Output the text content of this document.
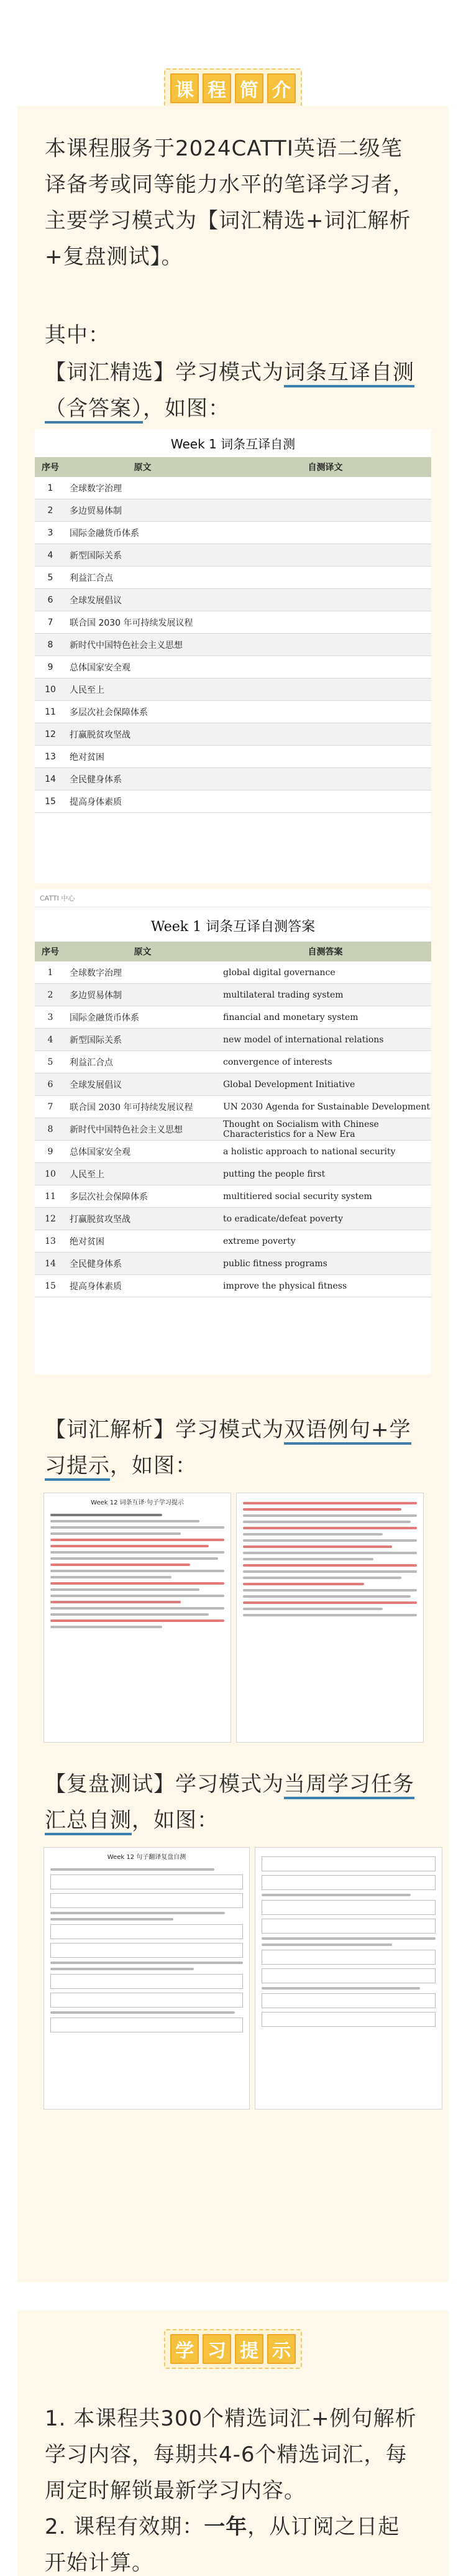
课 程 简 介
本课程服务于2024CATTI英语二级笔
译备考或同等能力水平的笔译学习者，
主要学习模式为【词汇精选+词汇解析
+复盘测试】。
其中：
【词汇精选】学习模式为词条互译自测
（含答案），如图：
Week 1 词条互译自测
序号	原文	自测译文
1	全球数字治理	
2	多边贸易体制	
3	国际金融货币体系	
4	新型国际关系	
5	利益汇合点	
6	全球发展倡议	
7	联合国 2030 年可持续发展议程	
8	新时代中国特色社会主义思想	
9	总体国家安全观	
10	人民至上	
11	多层次社会保障体系	
12	打赢脱贫攻坚战	
13	绝对贫困	
14	全民健身体系	
15	提高身体素质	
CATTI 中心
Week 1 词条互译自测答案
序号	原文	自测答案
1	全球数字治理	global digital governance
2	多边贸易体制	multilateral trading system
3	国际金融货币体系	financial and monetary system
4	新型国际关系	new model of international relations
5	利益汇合点	convergence of interests
6	全球发展倡议	Global Development Initiative
7	联合国 2030 年可持续发展议程	UN 2030 Agenda for Sustainable Development
8	新时代中国特色社会主义思想	Thought on Socialism with Chinese Characteristics for a New Era
9	总体国家安全观	a holistic approach to national security
10	人民至上	putting the people first
11	多层次社会保障体系	multitiered social security system
12	打赢脱贫攻坚战	to eradicate/defeat poverty
13	绝对贫困	extreme poverty
14	全民健身体系	public fitness programs
15	提高身体素质	improve the physical fitness
【词汇解析】学习模式为双语例句+学
习提示，如图：
Week 12 词条互译·句子学习提示
【复盘测试】学习模式为当周学习任务
汇总自测，如图：
Week 12 句子翻译复盘自测
学 习 提 示
1. 本课程共300个精选词汇+例句解析
学习内容，每期共4-6个精选词汇，每
周定时解锁最新学习内容。
2. 课程有效期：一年，从订阅之日起
开始计算。
